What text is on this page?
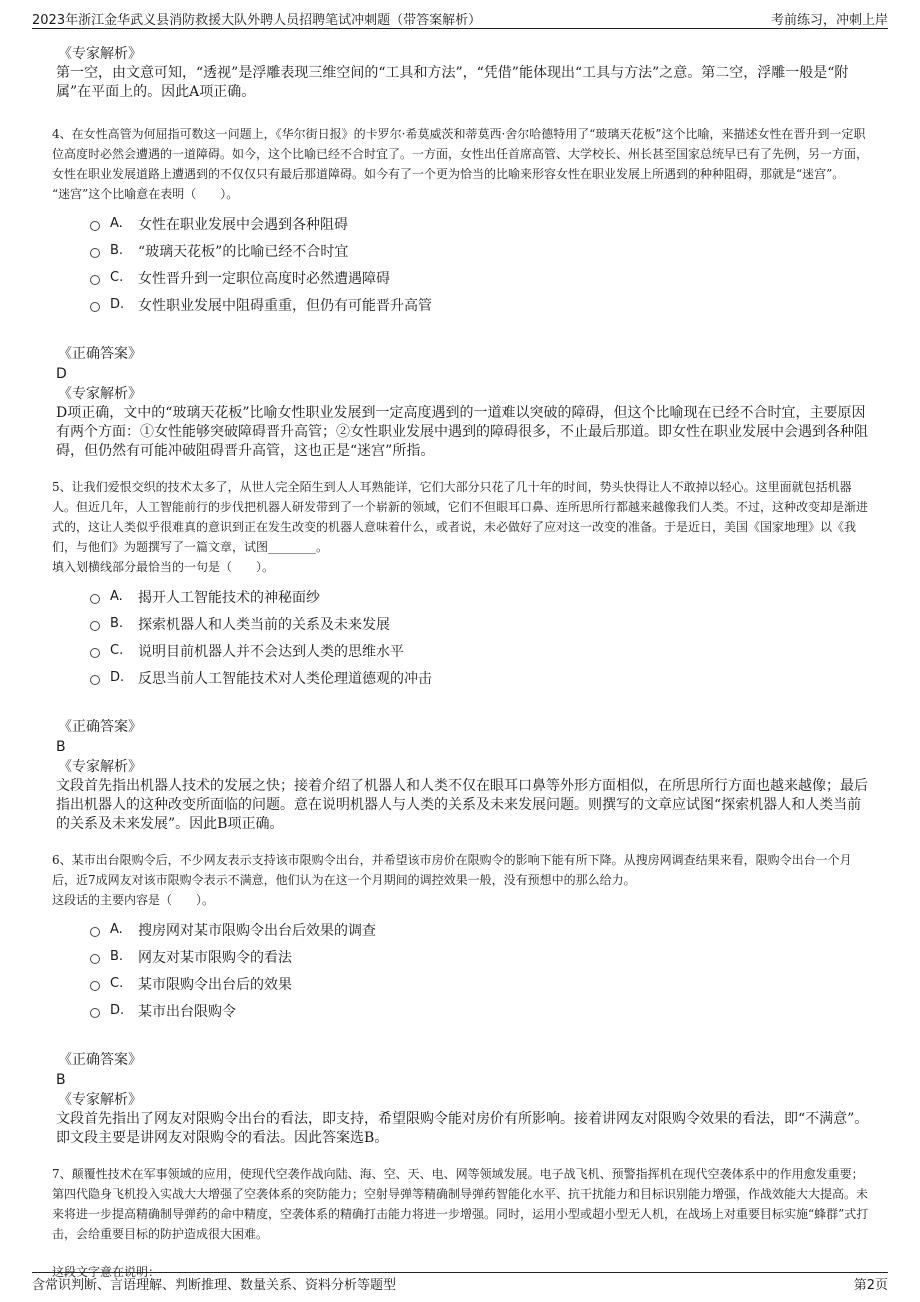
2023年浙江金华武义县消防救援大队外聘人员招聘笔试冲刺题（带答案解析）	考前练习，冲刺上岸
《专家解析》
第一空，由文意可知，“透视”是浮雕表现三维空间的“工具和方法”，“凭借”能体现出“工具与方法”之意。第二空，浮雕一般是“附属”在平面上的。因此A项正确。
4、在女性高管为何屈指可数这一问题上，《华尔街日报》的卡罗尔·希莫威茨和蒂莫西·舍尔哈德特用了“玻璃天花板”这个比喻，来描述女性在晋升到一定职位高度时必然会遭遇的一道障碍。如今，这个比喻已经不合时宜了。一方面，女性出任首席高管、大学校长、州长甚至国家总统早已有了先例，另一方面，女性在职业发展道路上遭遇到的不仅仅只有最后那道障碍。如今有了一个更为恰当的比喻来形容女性在职业发展上所遇到的种种阻碍，那就是“迷宫”。
“迷宫”这个比喻意在表明（　　）。
A.	女性在职业发展中会遇到各种阻碍
B.	“玻璃天花板”的比喻已经不合时宜
C.	女性晋升到一定职位高度时必然遭遇障碍
D. 女性职业发展中阻碍重重，但仍有可能晋升高管
《正确答案》
D
《专家解析》
D项正确，文中的“玻璃天花板”比喻女性职业发展到一定高度遇到的一道难以突破的障碍，但这个比喻现在已经不合时宜，主要原因有两个方面：①女性能够突破障碍晋升高管；②女性职业发展中遇到的障碍很多，不止最后那道。即女性在职业发展中会遇到各种阻碍，但仍然有可能冲破阻碍晋升高管，这也正是“迷宫”所指。
5、让我们爱恨交织的技术太多了，从世人完全陌生到人人耳熟能详，它们大部分只花了几十年的时间，势头快得让人不敢掉以轻心。这里面就包括机器人。但近几年，人工智能前行的步伐把机器人研发带到了一个崭新的领域，它们不但眼耳口鼻、连所思所行都越来越像我们人类。不过，这种改变却是渐进式的，这让人类似乎很难真的意识到正在发生改变的机器人意味着什么，或者说，未必做好了应对这一改变的准备。于是近日，美国《国家地理》以《我们，与他们》为题撰写了一篇文章，试图________。
填入划横线部分最恰当的一句是（　　）。
A.	揭开人工智能技术的神秘面纱
B.	探索机器人和人类当前的关系及未来发展
C.	说明目前机器人并不会达到人类的思维水平
D. 反思当前人工智能技术对人类伦理道德观的冲击
《正确答案》
B
《专家解析》
文段首先指出机器人技术的发展之快；接着介绍了机器人和人类不仅在眼耳口鼻等外形方面相似，在所思所行方面也越来越像；最后指出机器人的这种改变所面临的问题。意在说明机器人与人类的关系及未来发展问题。则撰写的文章应试图“探索机器人和人类当前的关系及未来发展”。因此B项正确。
6、某市出台限购令后，不少网友表示支持该市限购令出台，并希望该市房价在限购令的影响下能有所下降。从搜房网调查结果来看，限购令出台一个月后，近7成网友对该市限购令表示不满意，他们认为在这一个月期间的调控效果一般，没有预想中的那么给力。
这段话的主要内容是（　　）。
A.	搜房网对某市限购令出台后效果的调查
B.	网友对某市限购令的看法
C.	某市限购令出台后的效果
D. 某市出台限购令
《正确答案》
B
《专家解析》
文段首先指出了网友对限购令出台的看法，即支持，希望限购令能对房价有所影响。接着讲网友对限购令效果的看法，即“不满意”。即文段主要是讲网友对限购令的看法。因此答案选B。
7、颠覆性技术在军事领域的应用，使现代空袭作战向陆、海、空、天、电、网等领域发展。电子战飞机、预警指挥机在现代空袭体系中的作用愈发重要；第四代隐身飞机投入实战大大增强了空袭体系的突防能力；空射导弹等精确制导弹药智能化水平、抗干扰能力和目标识别能力增强，作战效能大大提高。未来将进一步提高精确制导弹药的命中精度，空袭体系的精确打击能力将进一步增强。同时，运用小型或超小型无人机，在战场上对重要目标实施“蜂群”式打击，会给重要目标的防护造成很大困难。
这段文字意在说明：
含常识判断、言语理解、判断推理、数量关系、资料分析等题型	第2页
